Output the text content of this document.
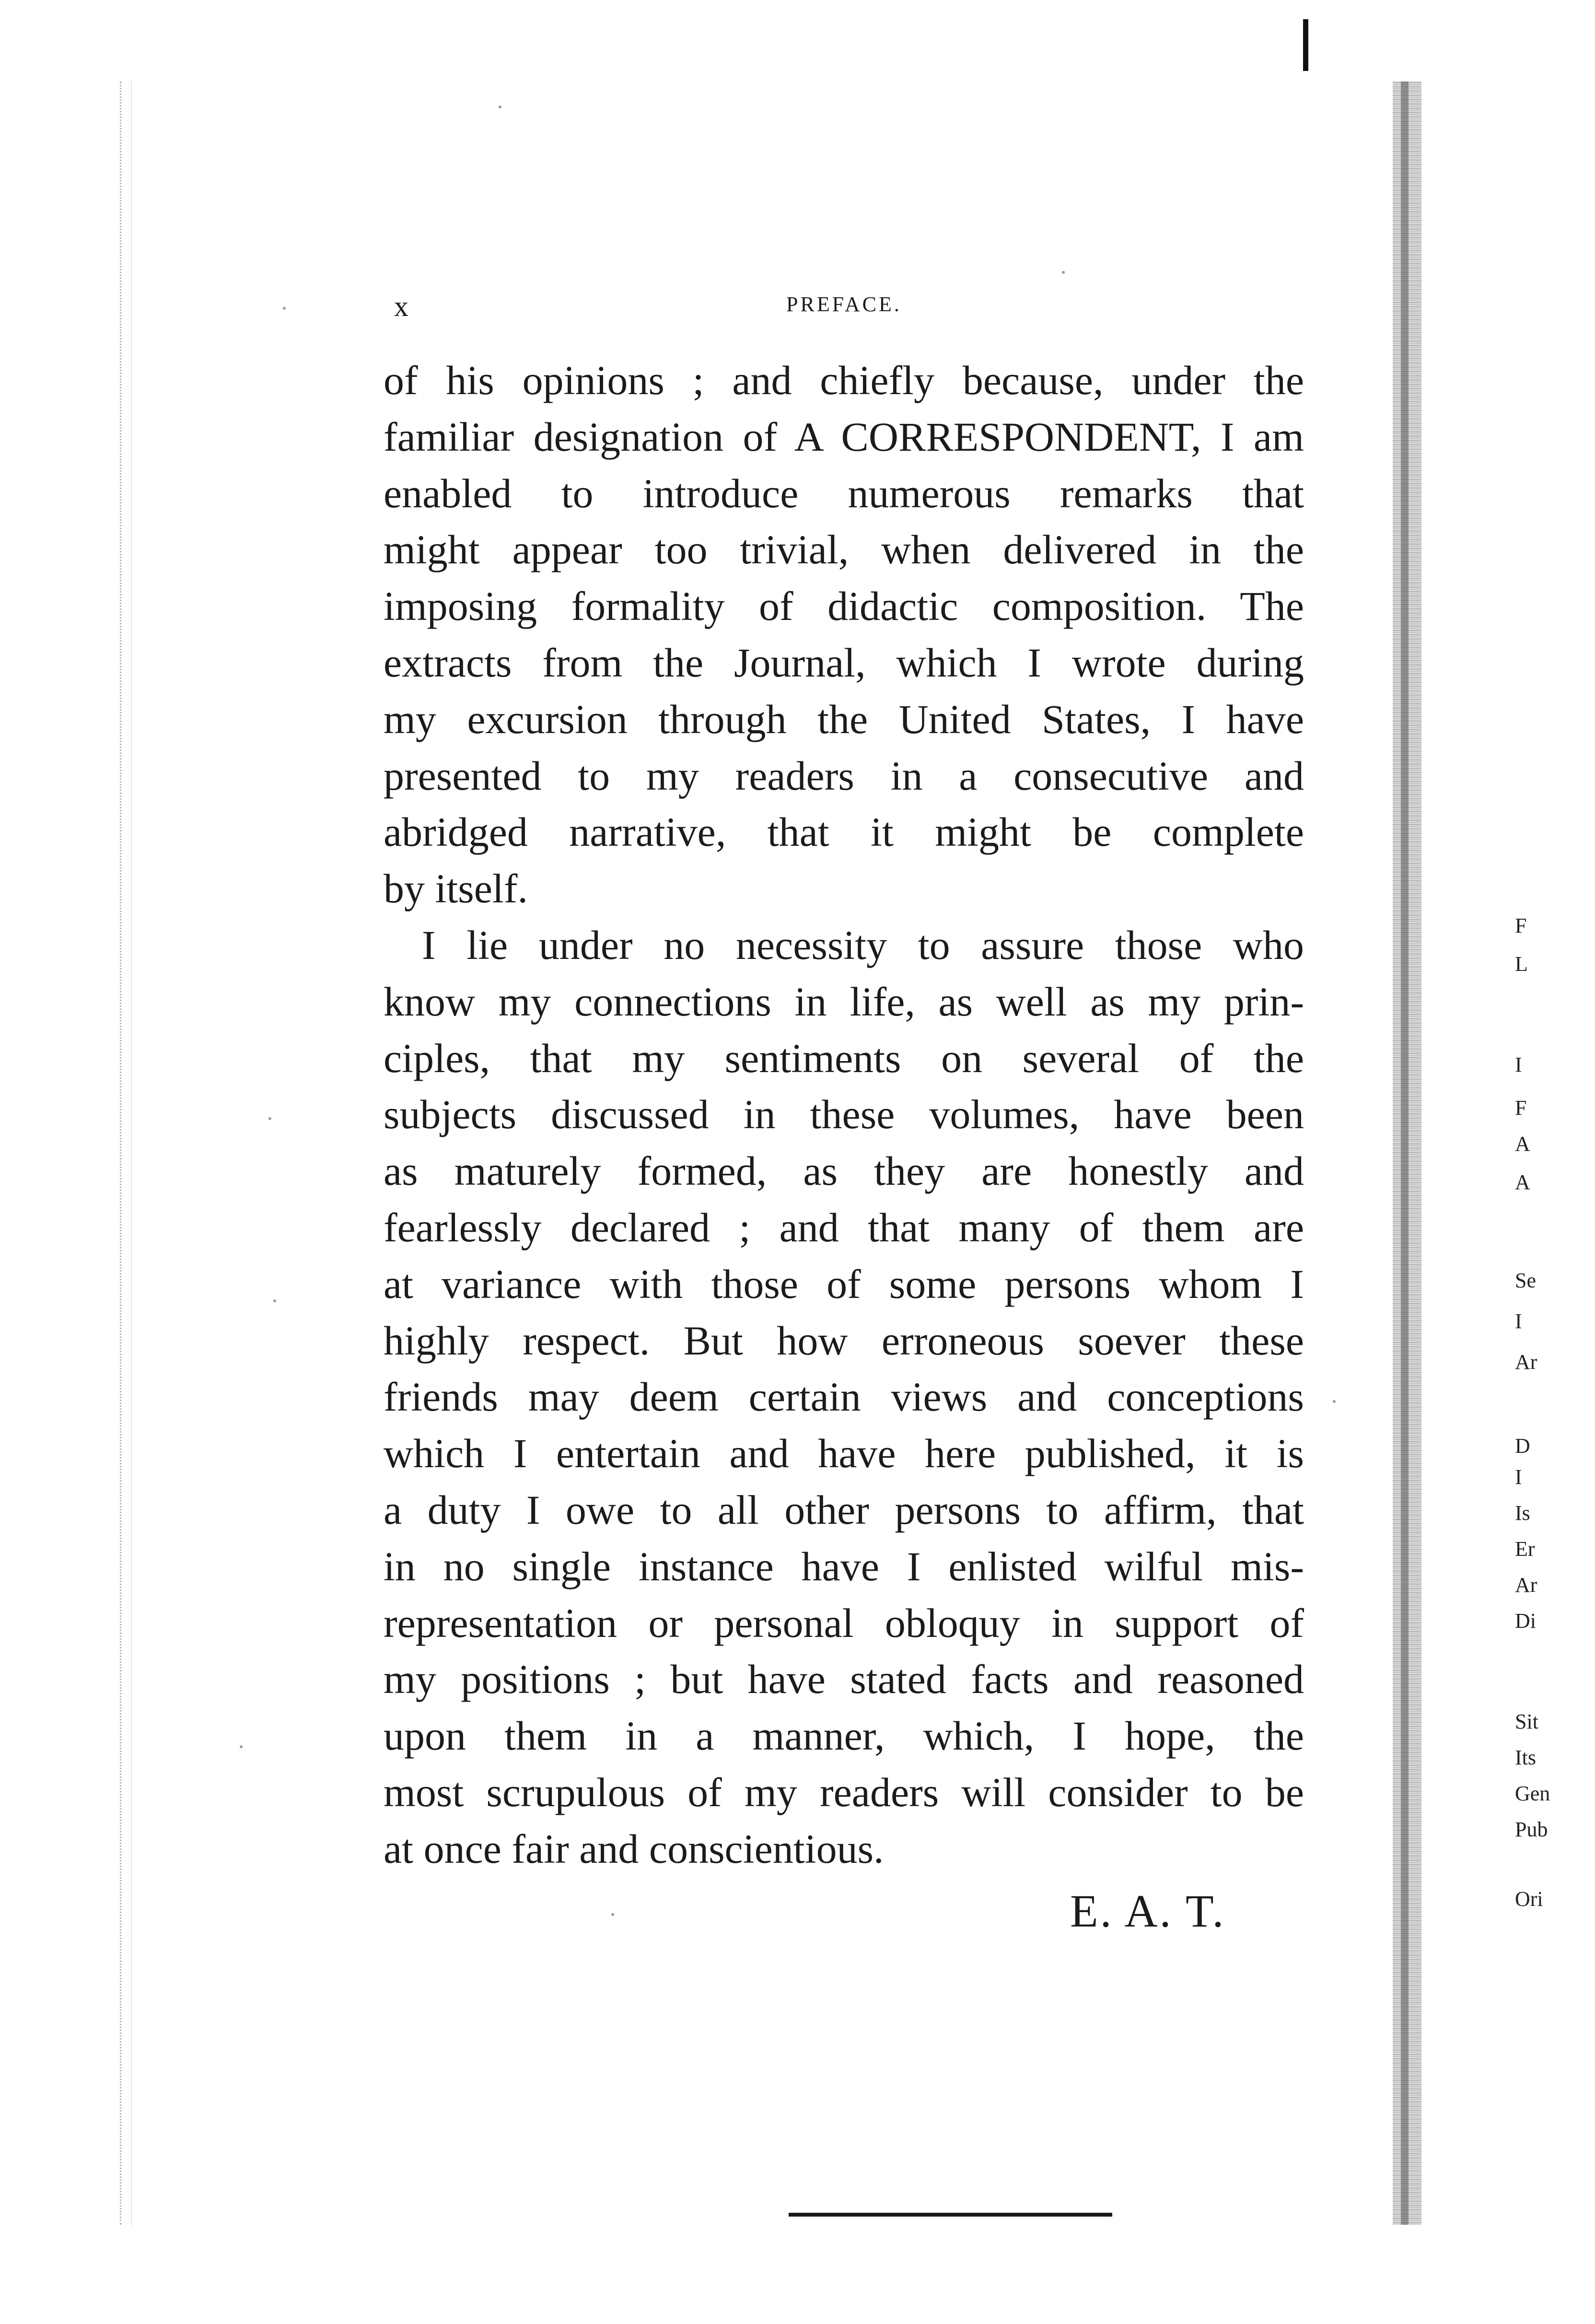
x	PREFACE.
of his opinions ; and chiefly because, under the
familiar designation of A CORRESPONDENT, I am
enabled to introduce numerous remarks that
might appear too trivial, when delivered in the
imposing formality of didactic composition. The
extracts from the Journal, which I wrote during
my excursion through the United States, I have
presented to my readers in a consecutive and
abridged narrative, that it might be complete
by itself.
I lie under no necessity to assure those who
know my connections in life, as well as my prin-
ciples, that my sentiments on several of the
subjects discussed in these volumes, have been
as maturely formed, as they are honestly and
fearlessly declared ; and that many of them are
at variance with those of some persons whom I
highly respect. But how erroneous soever these
friends may deem certain views and conceptions
which I entertain and have here published, it is
a duty I owe to all other persons to affirm, that
in no single instance have I enlisted wilful mis-
representation or personal obloquy in support of
my positions ; but have stated facts and reasoned
upon them in a manner, which, I hope, the
most scrupulous of my readers will consider to be
at once fair and conscientious.
E. A. T.
F
L
I
F
A
A
Se
I
Ar
D
I
Is
Er
Ar
Di
Sit
Its
Gen
Pub
Ori
